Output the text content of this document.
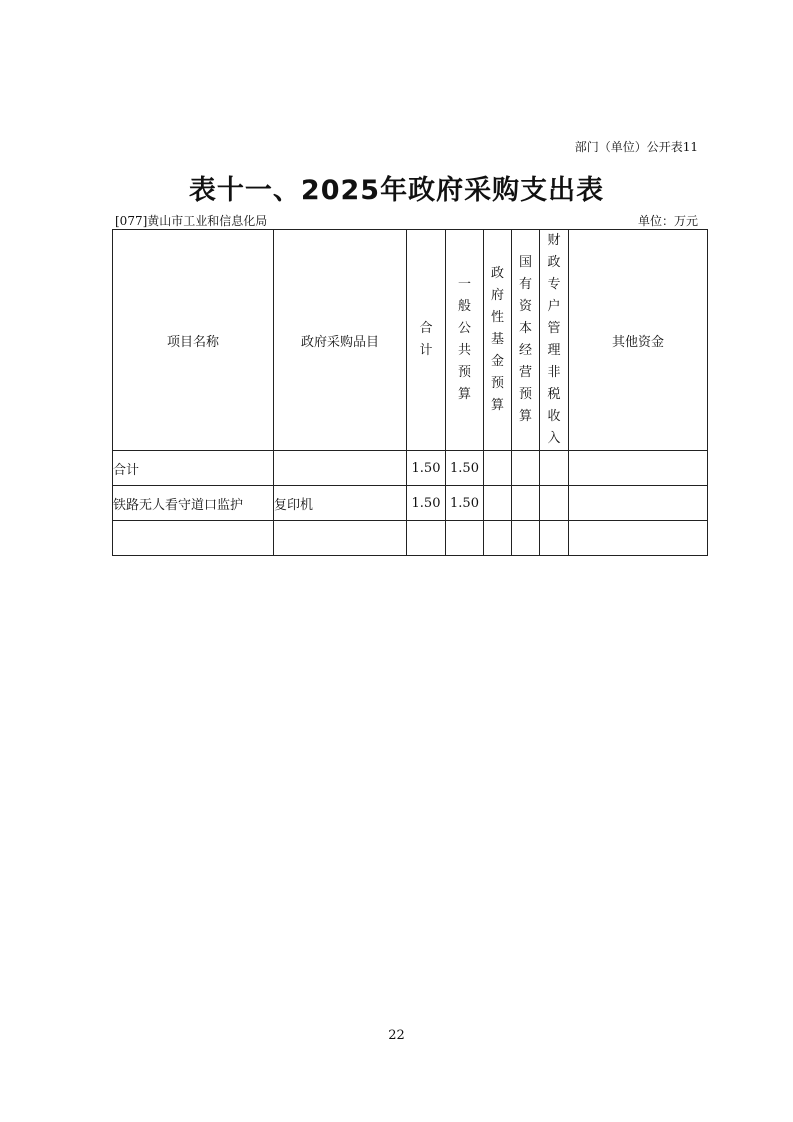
部门（单位）公开表11
表十一、2025年政府采购支出表
[077]黄山市工业和信息化局	单位：万元
项目名称	政府采购品目	合计	一般公共预算	政府性基金预算	国有资本经营预算	财政专户管理非税收入	其他资金
合计		1.50	1.50				
铁路无人看守道口监护	复印机	1.50	1.50				

22
